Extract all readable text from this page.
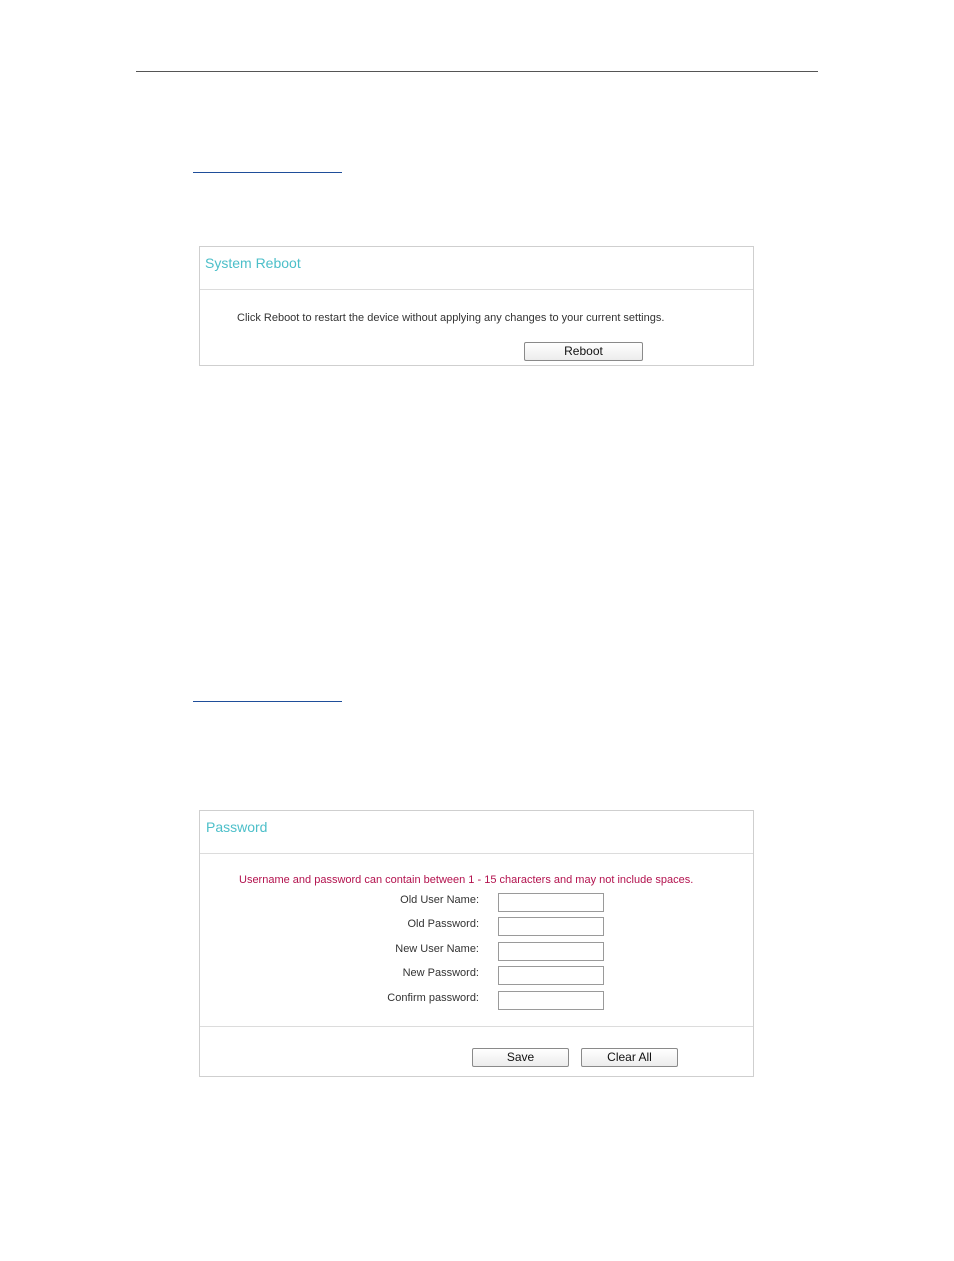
System Reboot
Click Reboot to restart the device without applying any changes to your current settings.
Reboot
Password
Username and password can contain between 1 - 15 characters and may not include spaces.
Old User Name:
Old Password:
New User Name:
New Password:
Confirm password:
Save	Clear All
